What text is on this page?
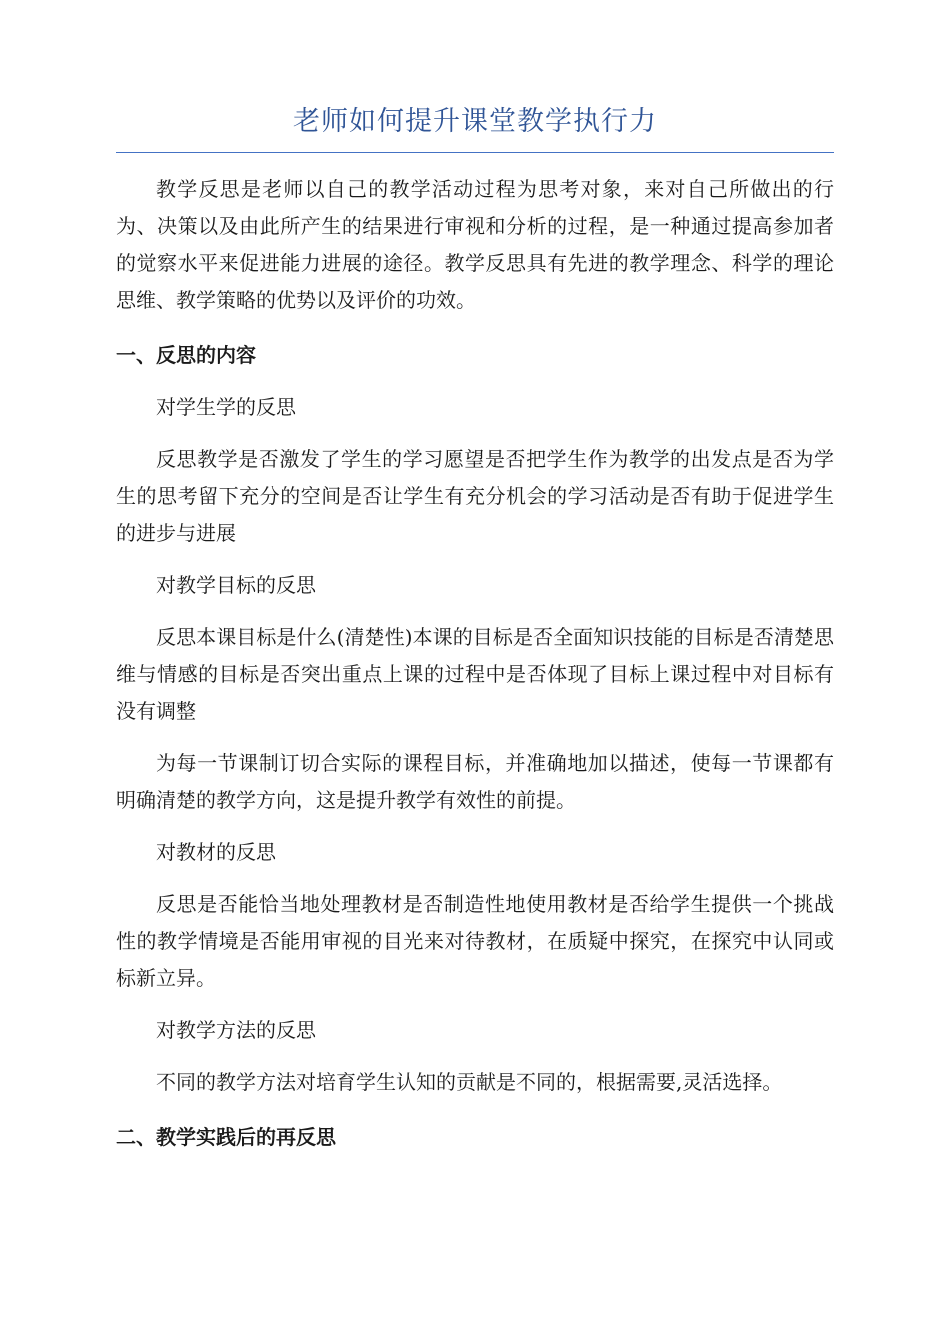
老师如何提升课堂教学执行力

教学反思是老师以自己的教学活动过程为思考对象，来对自己所做出的行为、决策以及由此所产生的结果进行审视和分析的过程，是一种通过提高参加者的觉察水平来促进能力进展的途径。教学反思具有先进的教学理念、科学的理论思维、教学策略的优势以及评价的功效。

一、反思的内容

对学生学的反思

反思教学是否激发了学生的学习愿望是否把学生作为教学的出发点是否为学生的思考留下充分的空间是否让学生有充分机会的学习活动是否有助于促进学生的进步与进展

对教学目标的反思

反思本课目标是什么(清楚性)本课的目标是否全面知识技能的目标是否清楚思维与情感的目标是否突出重点上课的过程中是否体现了目标上课过程中对目标有没有调整

为每一节课制订切合实际的课程目标，并准确地加以描述，使每一节课都有明确清楚的教学方向，这是提升教学有效性的前提。

对教材的反思

反思是否能恰当地处理教材是否制造性地使用教材是否给学生提供一个挑战性的教学情境是否能用审视的目光来对待教材，在质疑中探究，在探究中认同或标新立异。

对教学方法的反思

不同的教学方法对培育学生认知的贡献是不同的，根据需要,灵活选择。

二、教学实践后的再反思
